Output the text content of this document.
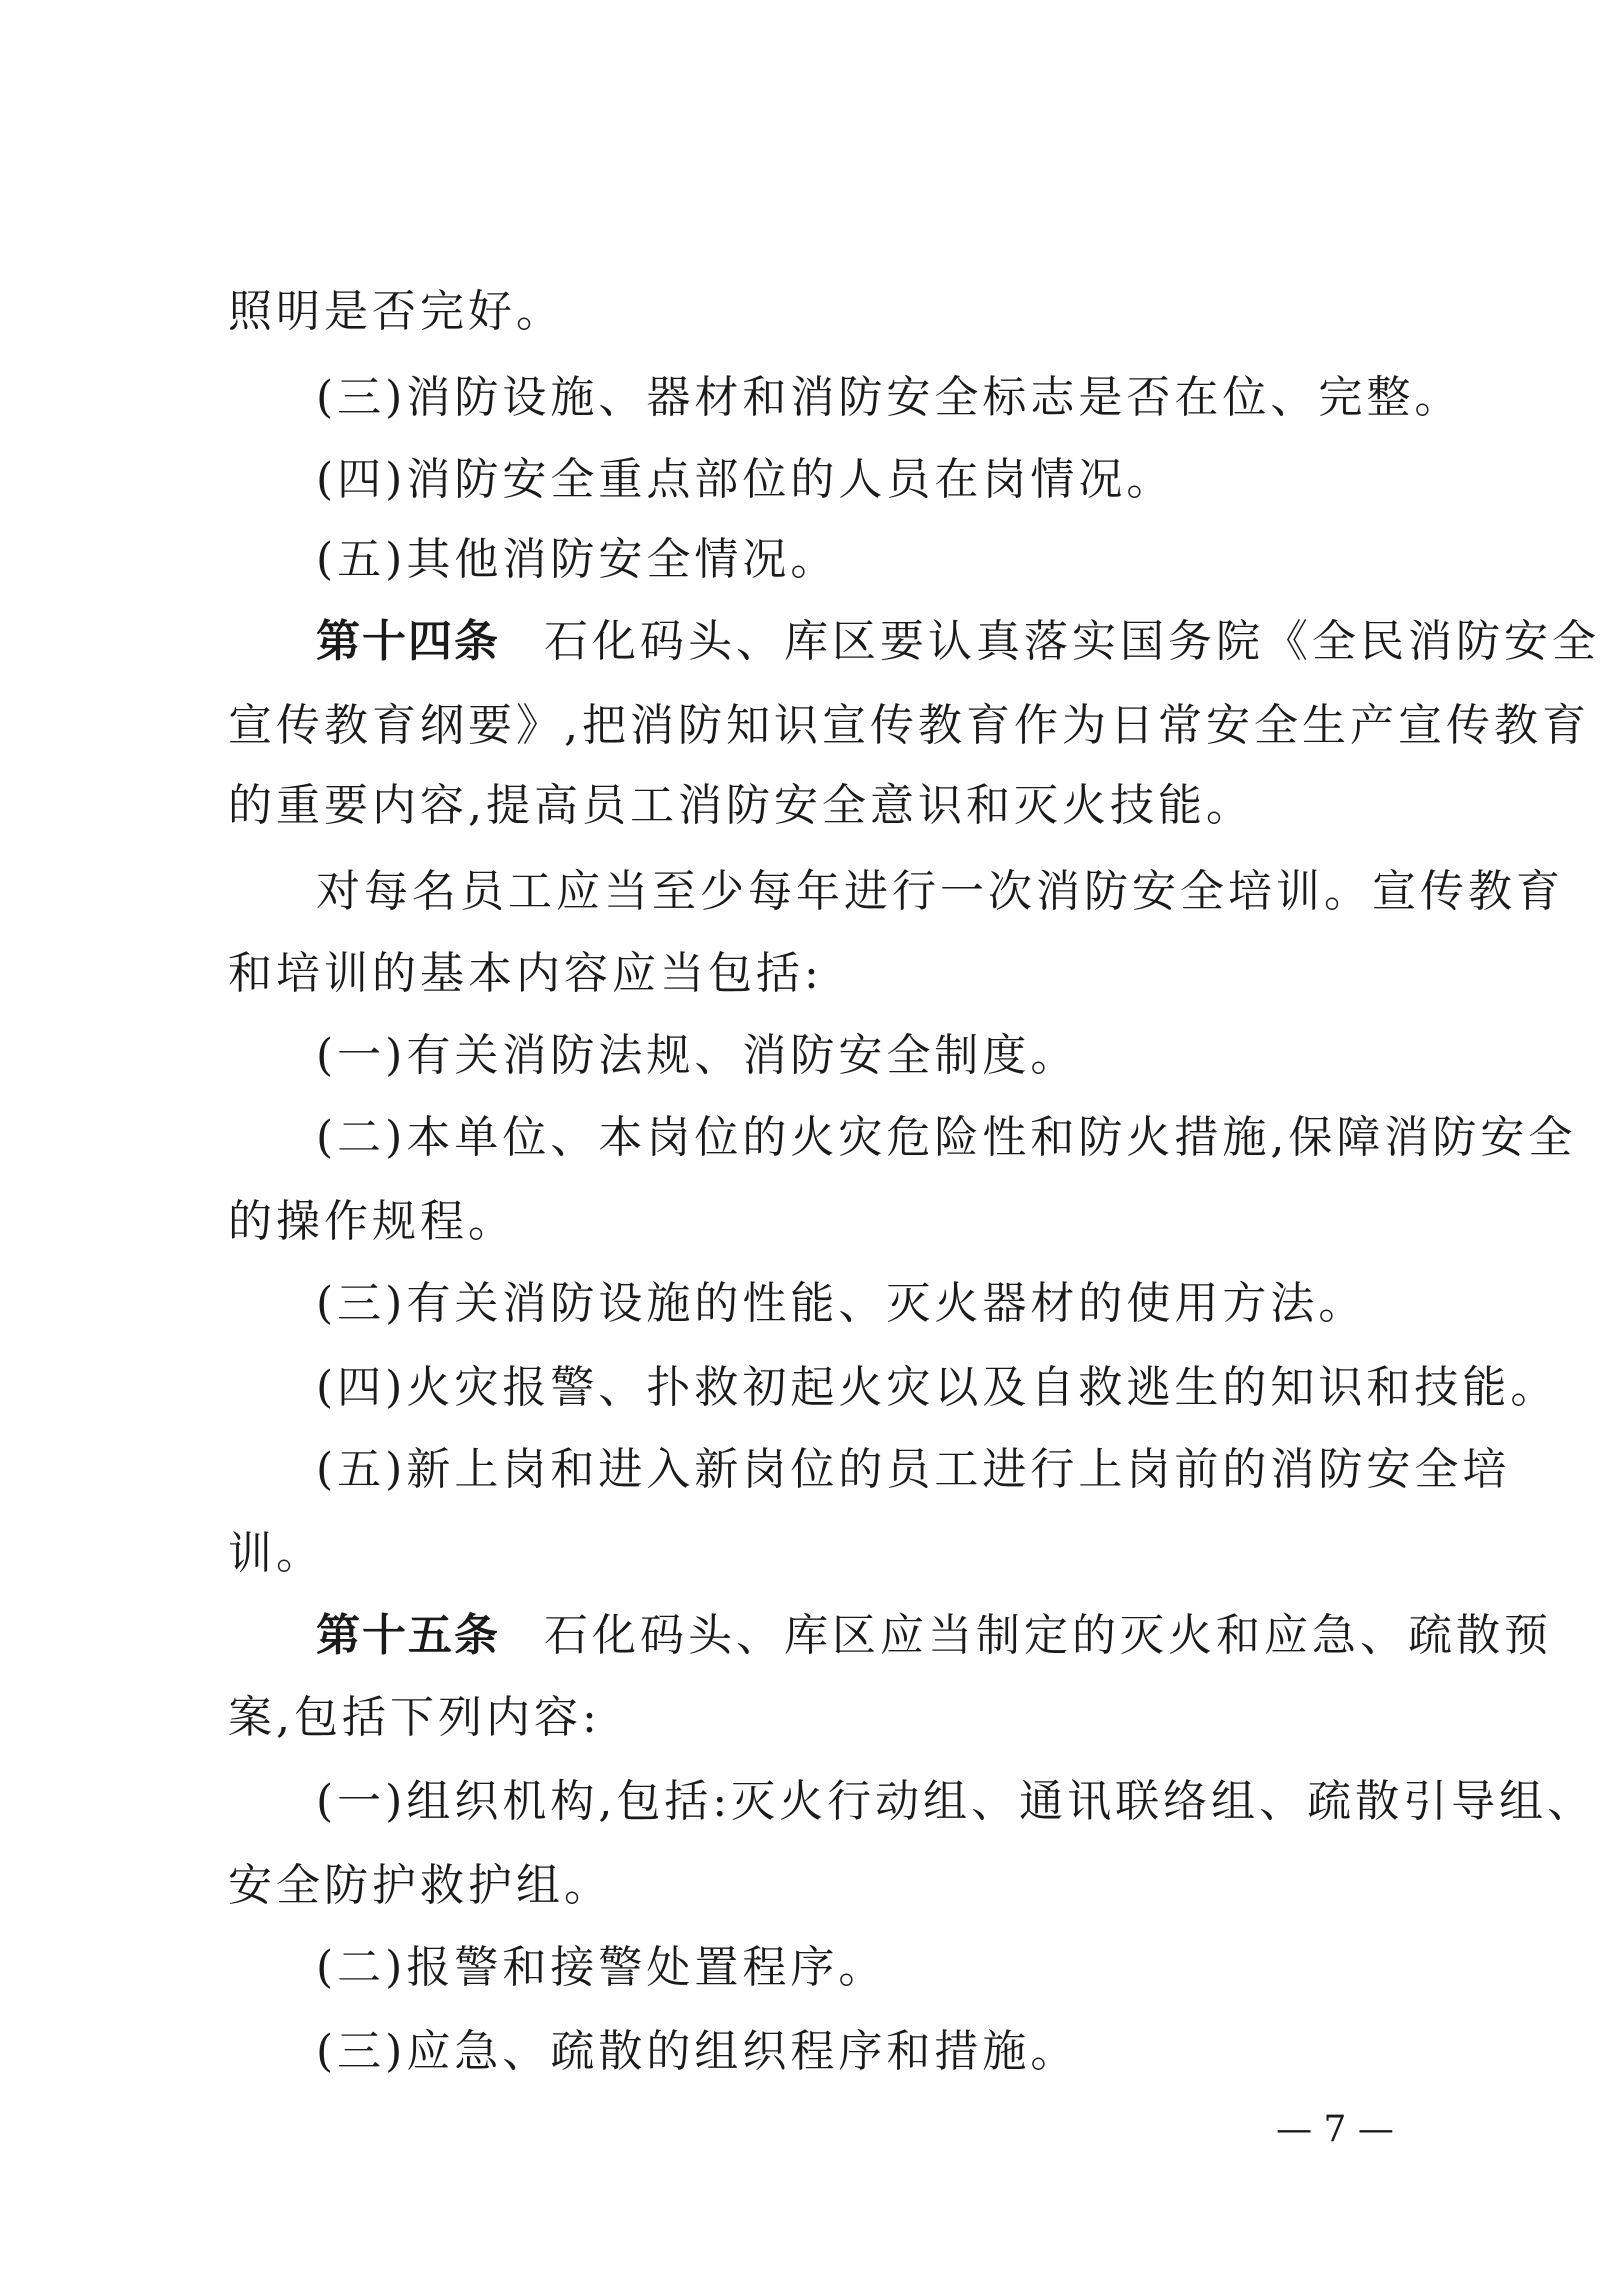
照明是否完好。
(三)消防设施、器材和消防安全标志是否在位、完整。
(四)消防安全重点部位的人员在岗情况。
(五)其他消防安全情况。
第十四条 石化码头、库区要认真落实国务院《全民消防安全
宣传教育纲要》,把消防知识宣传教育作为日常安全生产宣传教育
的重要内容,提高员工消防安全意识和灭火技能。
对每名员工应当至少每年进行一次消防安全培训。宣传教育
和培训的基本内容应当包括:
(一)有关消防法规、消防安全制度。
(二)本单位、本岗位的火灾危险性和防火措施,保障消防安全
的操作规程。
(三)有关消防设施的性能、灭火器材的使用方法。
(四)火灾报警、扑救初起火灾以及自救逃生的知识和技能。
(五)新上岗和进入新岗位的员工进行上岗前的消防安全培
训。
第十五条 石化码头、库区应当制定的灭火和应急、疏散预
案,包括下列内容:
(一)组织机构,包括:灭火行动组、通讯联络组、疏散引导组、
安全防护救护组。
(二)报警和接警处置程序。
(三)应急、疏散的组织程序和措施。
— 7 —
